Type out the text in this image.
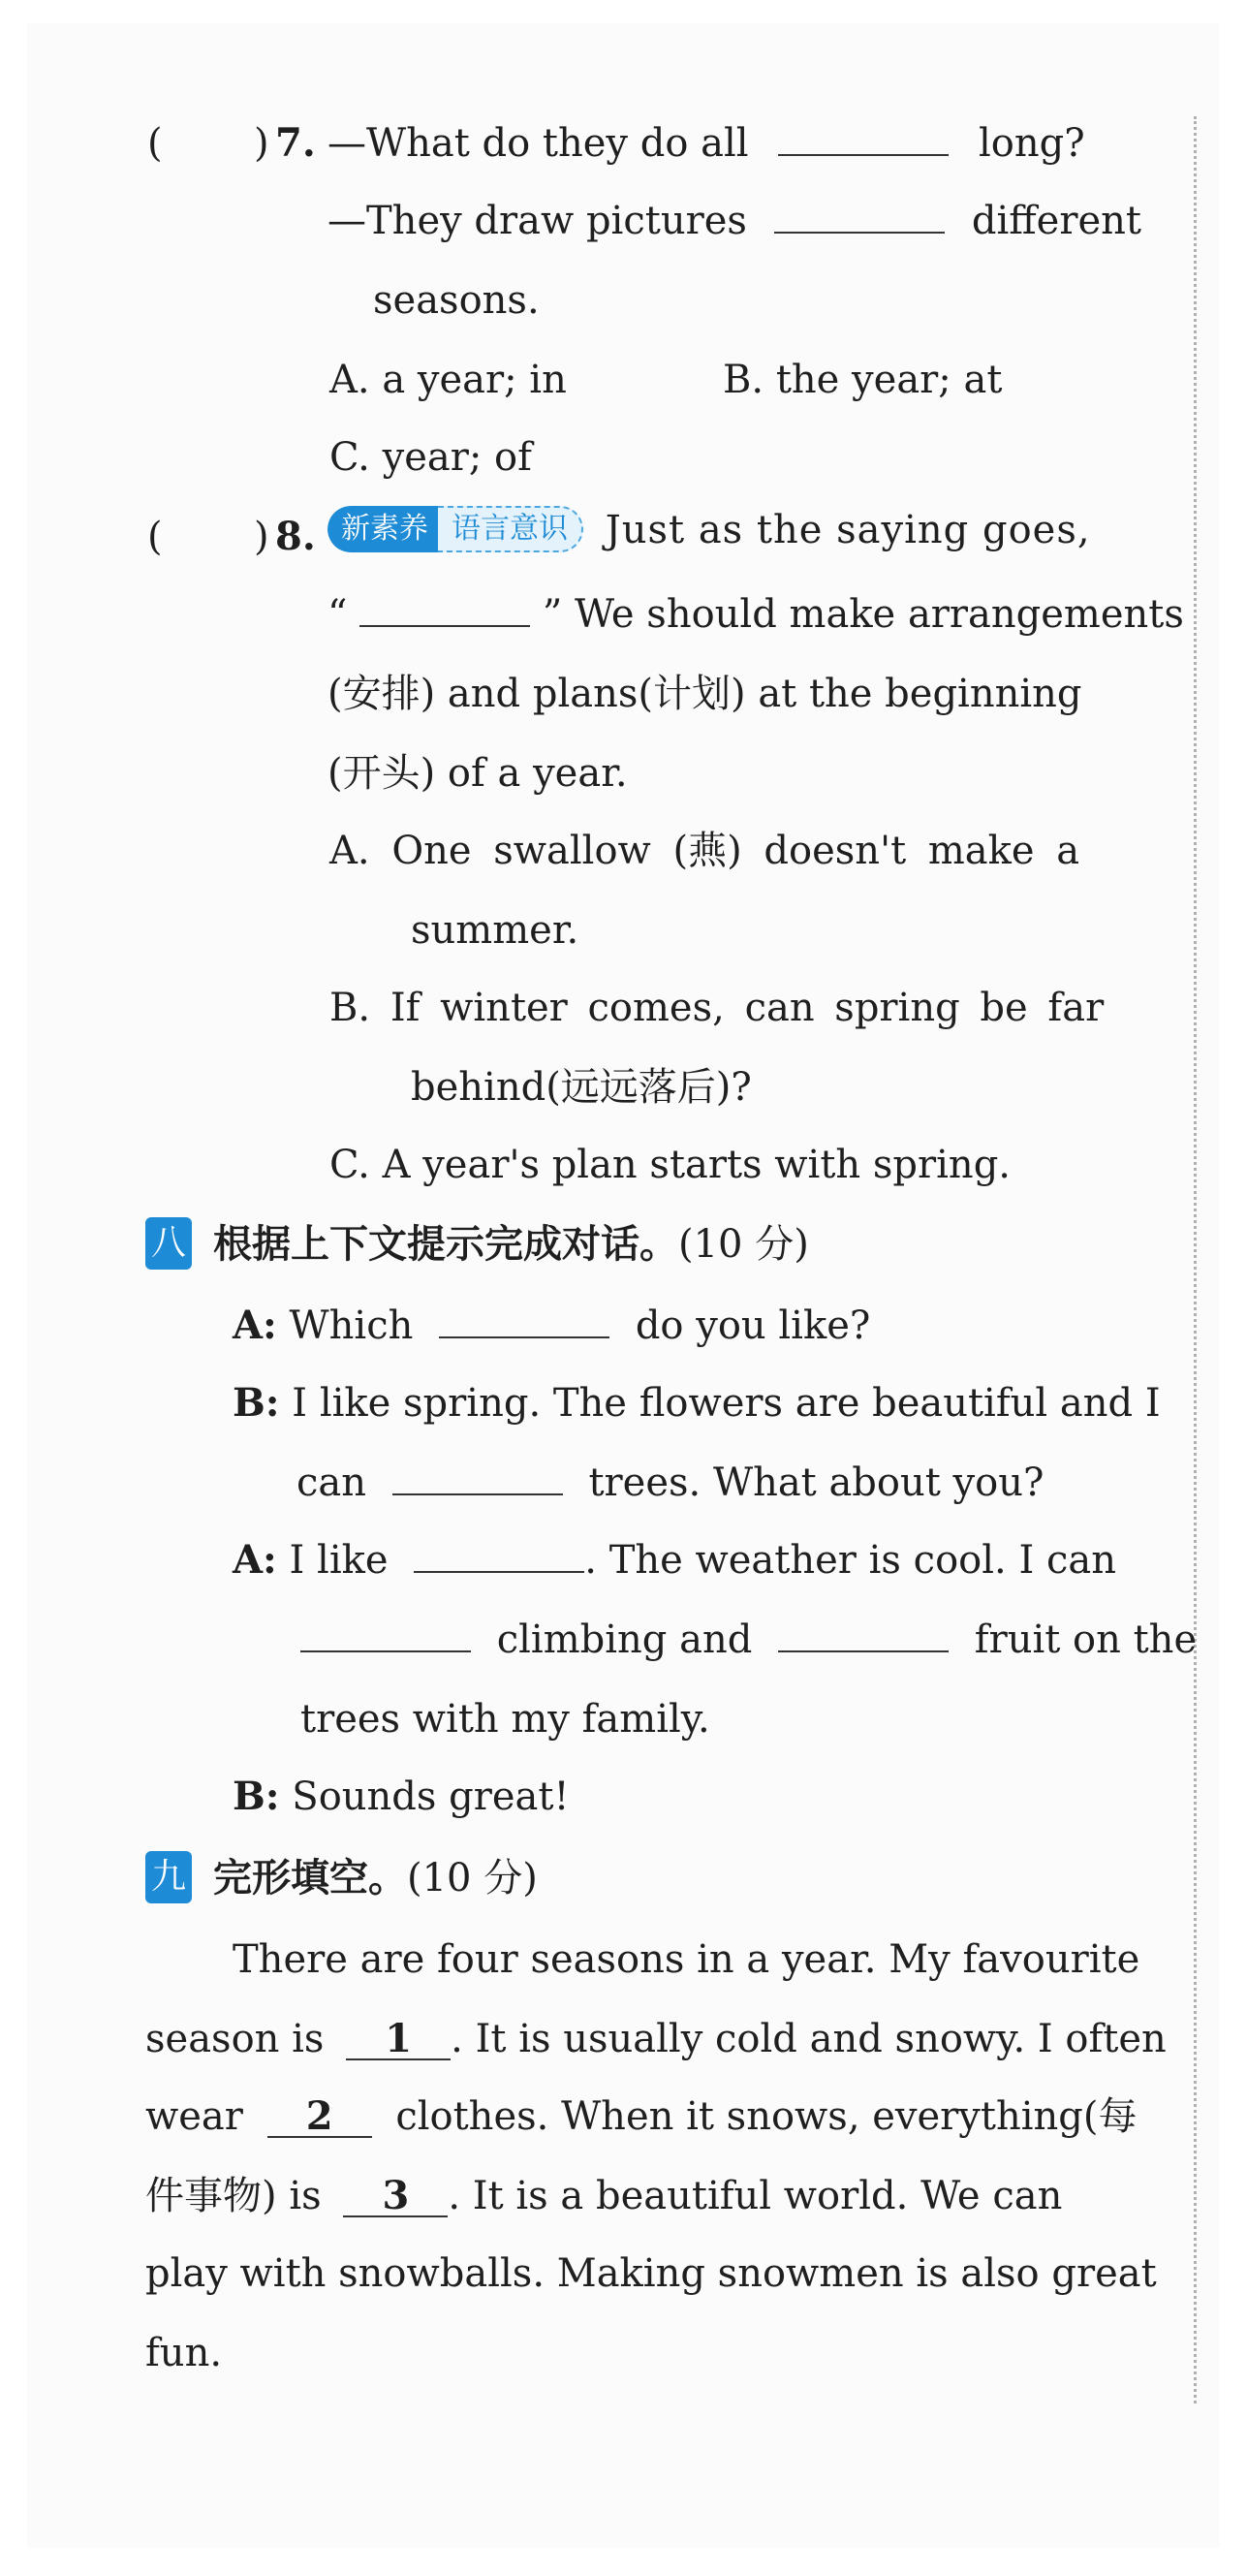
( ) 7. —What do they do all	long?
—They draw pictures	different
seasons.
A. a year; in	B. the year; at
C. year; of
( ) 8. 新素养 语言意识 Just as the saying goes,
“	” We should make arrangements
(安排) and plans(计划) at the beginning
(开头) of a year.
A. One swallow (燕) doesn't make a
summer.
B. If winter comes, can spring be far
behind(远远落后)?
C. A year's plan starts with spring.
八 根据上下文提示完成对话。(10 分)
A: Which	do you like?
B: I like spring. The flowers are beautiful and I
can	trees. What about you?
A: I like	. The weather is cool. I can
climbing and	fruit on the
trees with my family.
B: Sounds great!
九 完形填空。(10 分)
There are four seasons in a year. My favourite
season is 1 . It is usually cold and snowy. I often
wear 2 clothes. When it snows, everything(每
件事物) is 3 . It is a beautiful world. We can
play with snowballs. Making snowmen is also great
fun.
